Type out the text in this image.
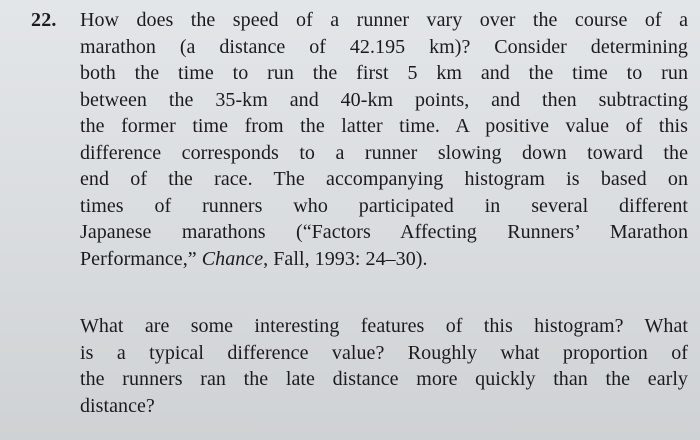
22. How does the speed of a runner vary over the course of a
marathon (a distance of 42.195 km)? Consider determining
both the time to run the first 5 km and the time to run
between the 35-km and 40-km points, and then subtracting
the former time from the latter time. A positive value of this
difference corresponds to a runner slowing down toward the
end of the race. The accompanying histogram is based on
times of runners who participated in several different
Japanese marathons (“Factors Affecting Runners’ Marathon
Performance,” Chance, Fall, 1993: 24–30).
What are some interesting features of this histogram? What
is a typical difference value? Roughly what proportion of
the runners ran the late distance more quickly than the early
distance?
